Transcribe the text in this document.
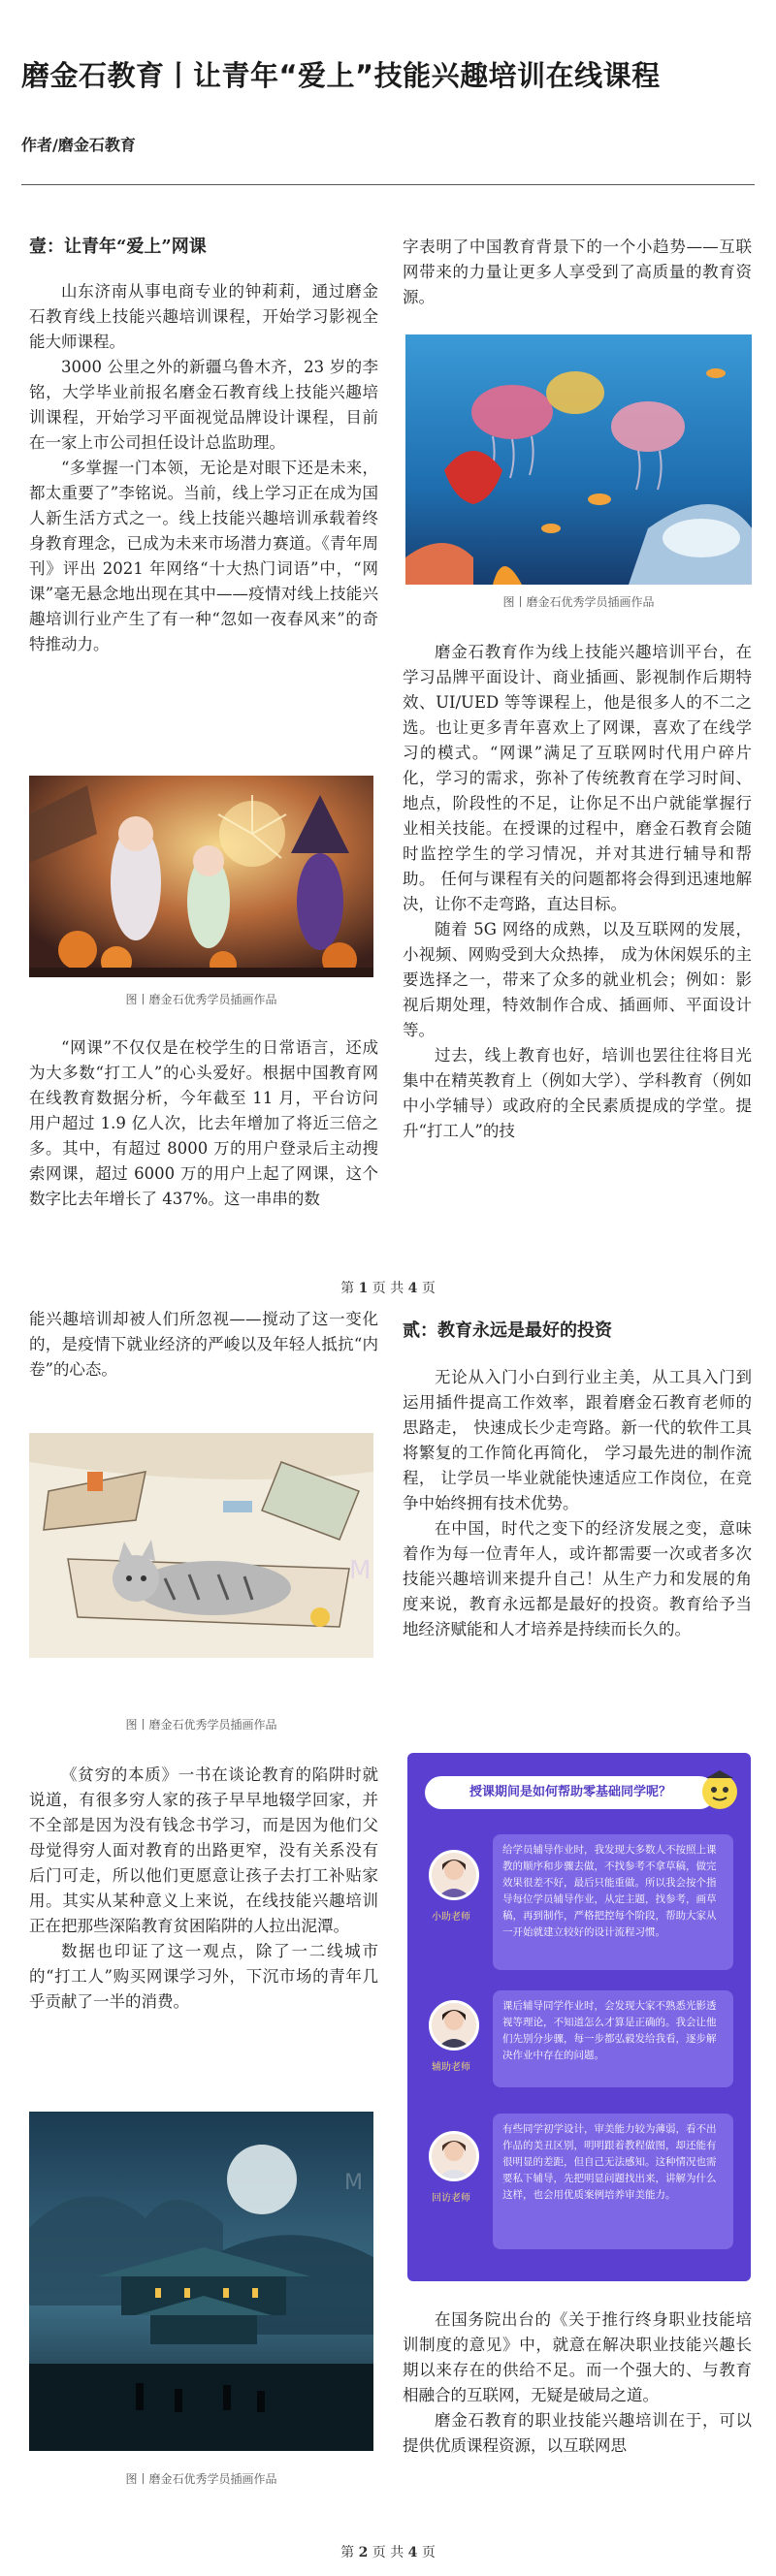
磨金石教育丨让青年“爱上”技能兴趣培训在线课程
作者/磨金石教育
壹：让青年“爱上”网课

山东济南从事电商专业的钟莉莉，通过磨金石教育线上技能兴趣培训课程，开始学习影视全能大师课程。

3000 公里之外的新疆乌鲁木齐，23 岁的李铭，大学毕业前报名磨金石教育线上技能兴趣培训课程，开始学习平面视觉品牌设计课程，目前在一家上市公司担任设计总监助理。

“多掌握一门本领，无论是对眼下还是未来，都太重要了”李铭说。当前，线上学习正在成为国人新生活方式之一。线上技能兴趣培训承载着终身教育理念，已成为未来市场潜力赛道。《青年周刊》评出 2021 年网络“十大热门词语”中，“网课”毫无悬念地出现在其中——疫情对线上技能兴趣培训行业产生了有一种“忽如一夜春风来”的奇特推动力。

图丨磨金石优秀学员插画作品

“网课”不仅仅是在校学生的日常语言，还成为大多数“打工人”的心头爱好。根据中国教育网在线教育数据分析，今年截至 11 月，平台访问用户超过 1.9 亿人次，比去年增加了将近三倍之多。其中，有超过 8000 万的用户登录后主动搜索网课，超过 6000 万的用户上起了网课，这个数字比去年增长了 437%。这一串串的数

字表明了中国教育背景下的一个小趋势——互联网带来的力量让更多人享受到了高质量的教育资源。

图丨磨金石优秀学员插画作品

磨金石教育作为线上技能兴趣培训平台，在学习品牌平面设计、商业插画、影视制作后期特效、UI/UED 等等课程上，他是很多人的不二之选。也让更多青年喜欢上了网课，喜欢了在线学习的模式。“网课”满足了互联网时代用户碎片化，学习的需求，弥补了传统教育在学习时间、地点，阶段性的不足，让你足不出户就能掌握行业相关技能。在授课的过程中，磨金石教育会随时监控学生的学习情况，并对其进行辅导和帮助。 任何与课程有关的问题都将会得到迅速地解决，让你不走弯路，直达目标。

随着 5G 网络的成熟，以及互联网的发展，小视频、网购受到大众热捧， 成为休闲娱乐的主要选择之一，带来了众多的就业机会；例如：影视后期处理，特效制作合成、插画师、平面设计等。

过去，线上教育也好，培训也罢往往将目光集中在精英教育上（例如大学）、学科教育（例如中小学辅导）或政府的全民素质提成的学堂。提升“打工人”的技

第 1 页 共 4 页

能兴趣培训却被人们所忽视——搅动了这一变化的，是疫情下就业经济的严峻以及年轻人抵抗“内卷”的心态。

M
图丨磨金石优秀学员插画作品

《贫穷的本质》一书在谈论教育的陷阱时就说道，有很多穷人家的孩子早早地辍学回家，并不全部是因为没有钱念书学习，而是因为他们父母觉得穷人面对教育的出路更窄，没有关系没有后门可走，所以他们更愿意让孩子去打工补贴家用。其实从某种意义上来说，在线技能兴趣培训正在把那些深陷教育贫困陷阱的人拉出泥潭。

数据也印证了这一观点，除了一二线城市的“打工人”购买网课学习外，下沉市场的青年几乎贡献了一半的消费。

M
图丨磨金石优秀学员插画作品
贰：教育永远是最好的投资

无论从入门小白到行业主美，从工具入门到运用插件提高工作效率，跟着磨金石教育老师的思路走， 快速成长少走弯路。新一代的软件工具将繁复的工作简化再简化， 学习最先进的制作流程， 让学员一毕业就能快速适应工作岗位，在竞争中始终拥有技术优势。

在中国，时代之变下的经济发展之变，意味着作为每一位青年人，或许都需要一次或者多次技能兴趣培训来提升自己！从生产力和发展的角度来说，教育永远都是最好的投资。教育给予当地经济赋能和人才培养是持续而长久的。

授课期间是如何帮助零基础同学呢？
小助老师
给学员辅导作业时，我发现大多数人不按照上课教的顺序和步骤去做，不找参考不拿草稿，做完效果很差不好，最后只能重做。所以我会按个指导每位学员辅导作业，从定主题，找参考，画草稿，再到制作，严格把控每个阶段，帮助大家从一开始就建立较好的设计流程习惯。
辅助老师
课后辅导同学作业时，会发现大家不熟悉光影透视等理论，不知道怎么才算是正确的。我会让他们先别分步骤，每一步都弘毅发给我看，逐步解决作业中存在的问题。
回访老师
有些同学初学设计，审美能力较为薄弱，看不出作品的美丑区别，明明跟着教程做图，却还能有很明显的差距，但自己无法感知。这种情况也需要私下辅导，先把明显问题找出来，讲解为什么这样，也会用优质案例培养审美能力。

在国务院出台的《关于推行终身职业技能培训制度的意见》中，就意在解决职业技能兴趣长期以来存在的供给不足。而一个强大的、与教育相融合的互联网，无疑是破局之道。

磨金石教育的职业技能兴趣培训在于，可以提供优质课程资源，以互联网思

第 2 页 共 4 页
